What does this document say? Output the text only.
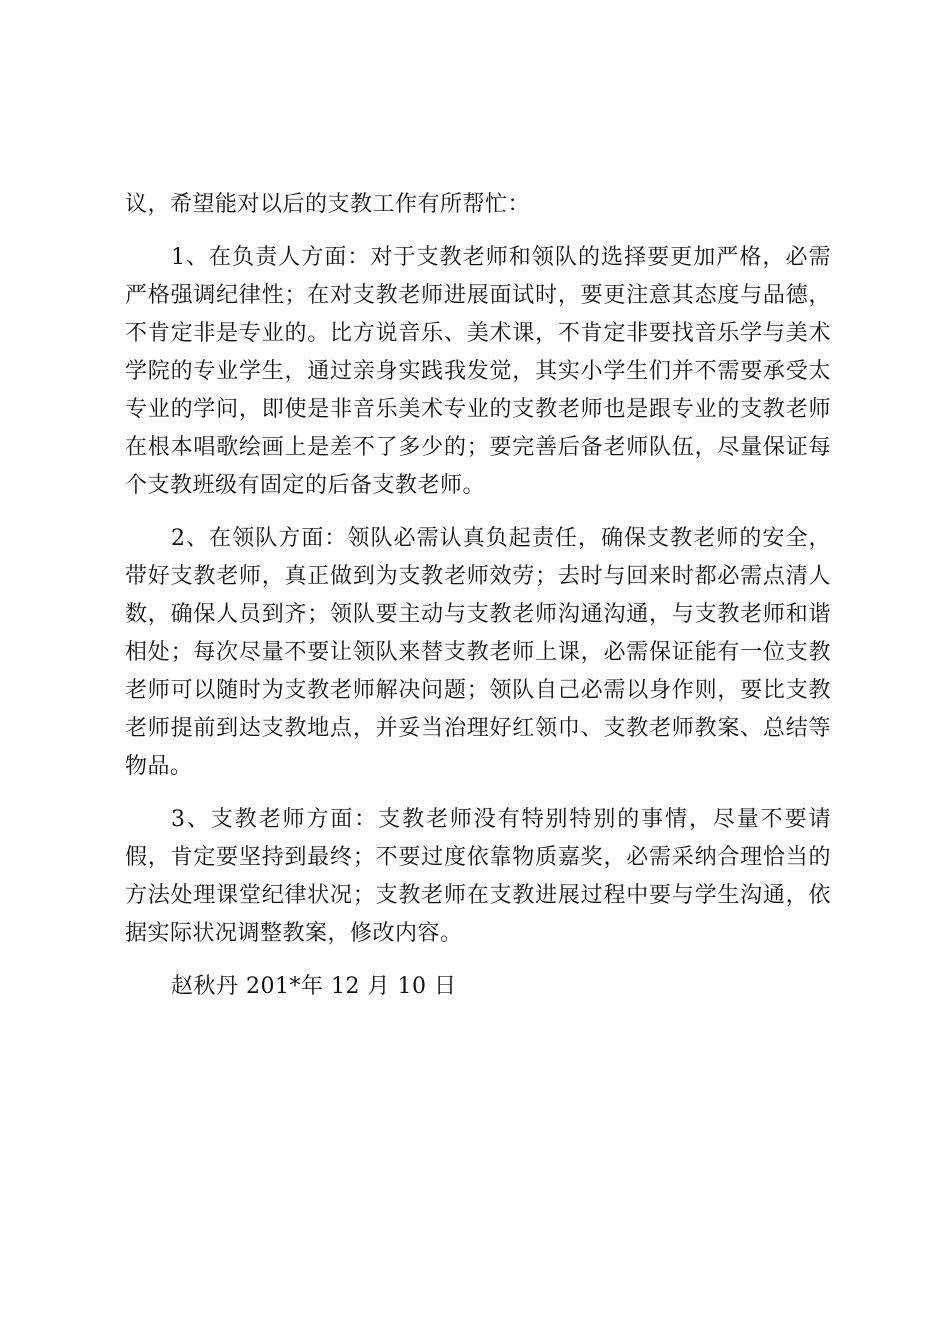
议，希望能对以后的支教工作有所帮忙：

1、在负责人方面：对于支教老师和领队的选择要更加严格，必需严格强调纪律性；在对支教老师进展面试时，要更注意其态度与品德，不肯定非是专业的。比方说音乐、美术课，不肯定非要找音乐学与美术学院的专业学生，通过亲身实践我发觉，其实小学生们并不需要承受太专业的学问，即使是非音乐美术专业的支教老师也是跟专业的支教老师在根本唱歌绘画上是差不了多少的；要完善后备老师队伍，尽量保证每个支教班级有固定的后备支教老师。

2、在领队方面：领队必需认真负起责任，确保支教老师的安全，带好支教老师，真正做到为支教老师效劳；去时与回来时都必需点清人数，确保人员到齐；领队要主动与支教老师沟通沟通，与支教老师和谐相处；每次尽量不要让领队来替支教老师上课，必需保证能有一位支教老师可以随时为支教老师解决问题；领队自己必需以身作则，要比支教老师提前到达支教地点，并妥当治理好红领巾、支教老师教案、总结等物品。

3、支教老师方面：支教老师没有特别特别的事情，尽量不要请假，肯定要坚持到最终；不要过度依靠物质嘉奖，必需采纳合理恰当的方法处理课堂纪律状况；支教老师在支教进展过程中要与学生沟通，依据实际状况调整教案，修改内容。

赵秋丹 201*年 12 月 10 日
